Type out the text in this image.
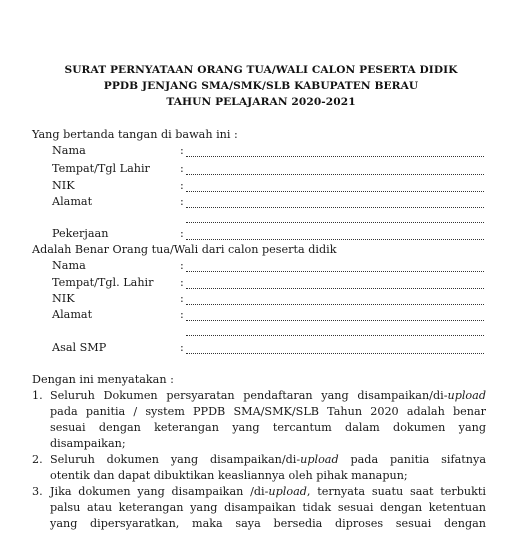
SURAT PERNYATAAN ORANG TUA/WALI CALON PESERTA DIDIK
PPDB JENJANG SMA/SMK/SLB KABUPATEN BERAU
TAHUN PELAJARAN 2020-2021
Yang bertanda tangan di bawah ini :
Nama	:
Tempat/Tgl Lahir	:
NIK	:
Alamat	:
Pekerjaan	:
Adalah Benar Orang tua/Wali dari calon peserta didik
Nama	:
Tempat/Tgl. Lahir :
NIK	:
Alamat	:
Asal SMP	:
Dengan ini menyatakan :
1. Seluruh Dokumen persyaratan pendaftaran yang disampaikan/di-upload
pada panitia / system PPDB SMA/SMK/SLB Tahun 2020 adalah benar
sesuai dengan keterangan yang tercantum dalam dokumen yang
disampaikan;
2. Seluruh dokumen yang disampaikan/di-upload pada panitia sifatnya
otentik dan dapat dibuktikan keasliannya oleh pihak manapun;
3. Jika dokumen yang disampaikan /di-upload, ternyata suatu saat terbukti
palsu atau keterangan yang disampaikan tidak sesuai dengan ketentuan
yang dipersyaratkan, maka saya bersedia diproses sesuai dengan
